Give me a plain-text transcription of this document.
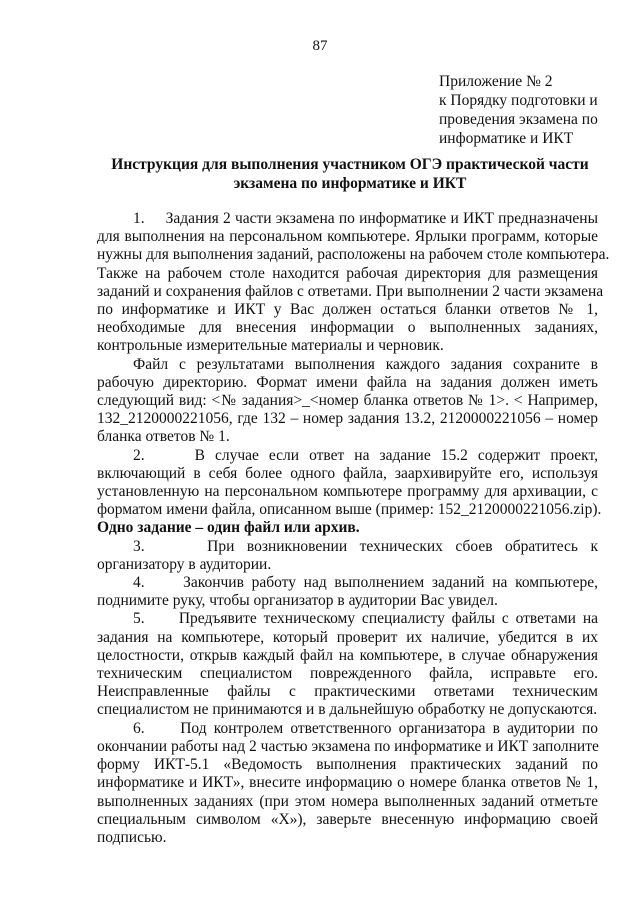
87
Приложение № 2
к Порядку подготовки и
проведения экзамена по
информатике и ИКТ
Инструкция для выполнения участником ОГЭ практической части
экзамена по информатике и ИКТ
1.     Задания 2 части экзамена по информатике и ИКТ предназначены
для выполнения на персональном компьютере. Ярлыки программ, которые
нужны для выполнения заданий, расположены на рабочем столе компьютера.
Также на рабочем столе находится рабочая директория для размещения
заданий и сохранения файлов с ответами. При выполнении 2 части экзамена
по информатике и ИКТ у Вас должен остаться бланки ответов № 1,
необходимые для внесения информации о выполненных заданиях,
контрольные измерительные материалы и черновик.
Файл с результатами выполнения каждого задания сохраните в
рабочую директорию. Формат имени файла на задания должен иметь
следующий вид: <№ задания>_<номер бланка ответов № 1>. < Например,
132_2120000221056, где 132 – номер задания 13.2, 2120000221056 – номер
бланка ответов № 1.
2.     В случае если ответ на задание 15.2 содержит проект,
включающий в себя более одного файла, заархивируйте его, используя
установленную на персональном компьютере программу для архивации, с
форматом имени файла, описанном выше (пример: 152_2120000221056.zip).
Одно задание – один файл или архив.
3.     При возникновении технических сбоев обратитесь к
организатору в аудитории.
4.     Закончив работу над выполнением заданий на компьютере,
поднимите руку, чтобы организатор в аудитории Вас увидел.
5.     Предъявите техническому специалисту файлы с ответами на
задания на компьютере, который проверит их наличие, убедится в их
целостности, открыв каждый файл на компьютере, в случае обнаружения
техническим специалистом поврежденного файла, исправьте его.
Неисправленные файлы с практическими ответами техническим
специалистом не принимаются и в дальнейшую обработку не допускаются.
6.     Под контролем ответственного организатора в аудитории по
окончании работы над 2 частью экзамена по информатике и ИКТ заполните
форму ИКТ-5.1 «Ведомость выполнения практических заданий по
информатике и ИКТ», внесите информацию о номере бланка ответов № 1,
выполненных заданиях (при этом номера выполненных заданий отметьте
специальным символом «Х»), заверьте внесенную информацию своей
подписью.
